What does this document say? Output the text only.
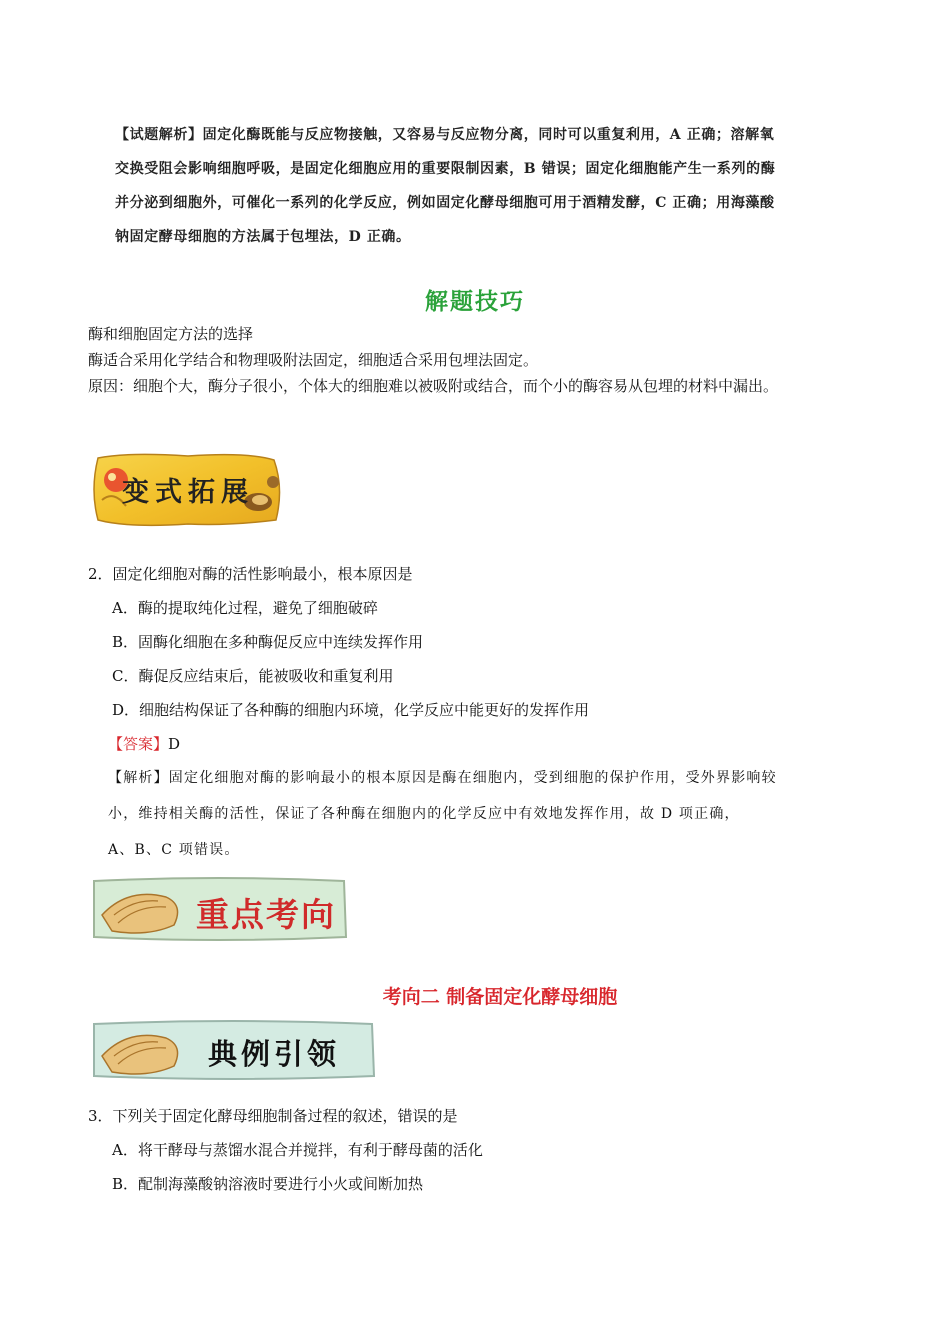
【试题解析】固定化酶既能与反应物接触，又容易与反应物分离，同时可以重复利用，A 正确；溶解氧
交换受阻会影响细胞呼吸，是固定化细胞应用的重要限制因素，B 错误；固定化细胞能产生一系列的酶
并分泌到细胞外，可催化一系列的化学反应，例如固定化酵母细胞可用于酒精发酵，C 正确；用海藻酸
钠固定酵母细胞的方法属于包埋法，D 正确。
解题技巧
酶和细胞固定方法的选择
酶适合采用化学结合和物理吸附法固定，细胞适合采用包埋法固定。
原因：细胞个大，酶分子很小，个体大的细胞难以被吸附或结合，而个小的酶容易从包埋的材料中漏出。
变式拓展
2．固定化细胞对酶的活性影响最小，根本原因是
A．酶的提取纯化过程，避免了细胞破碎
B．固酶化细胞在多种酶促反应中连续发挥作用
C．酶促反应结束后，能被吸收和重复利用
D．细胞结构保证了各种酶的细胞内环境，化学反应中能更好的发挥作用
【答案】D
【解析】固定化细胞对酶的影响最小的根本原因是酶在细胞内，受到细胞的保护作用，受外界影响较
小，维持相关酶的活性，保证了各种酶在细胞内的化学反应中有效地发挥作用，故 D 项正确，
A、B、C 项错误。
重点考向
考向二 制备固定化酵母细胞
典例引领
3．下列关于固定化酵母细胞制备过程的叙述，错误的是
A．将干酵母与蒸馏水混合并搅拌，有利于酵母菌的活化
B．配制海藻酸钠溶液时要进行小火或间断加热
